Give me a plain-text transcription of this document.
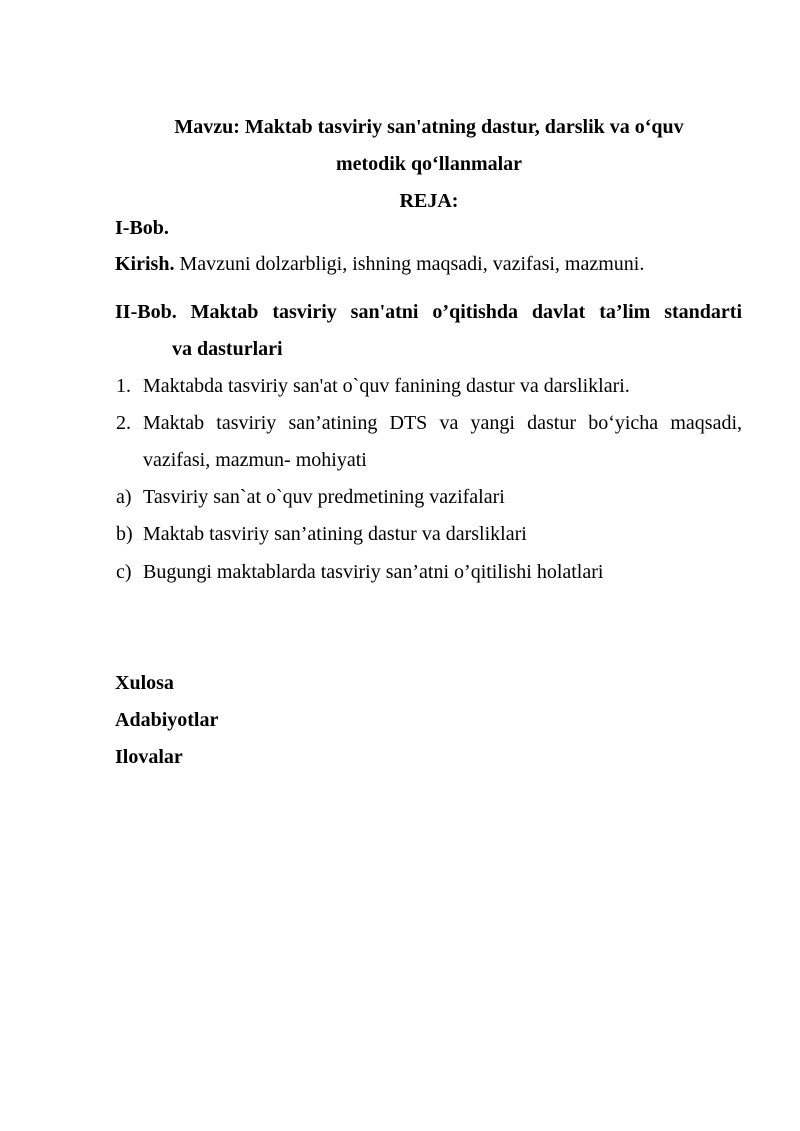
Mavzu: Maktab tasviriy san'atning dastur, darslik va o‘quv
metodik qo‘llanmalar
REJA:
I-Bob.
Kirish. Mavzuni dolzarbligi, ishning maqsadi, vazifasi, mazmuni.
II-Bob. Maktab tasviriy san'atni o’qitishda davlat ta’lim standarti
va dasturlari
1. Maktabda tasviriy san'at o`quv fanining dastur va darsliklari.
2. Maktab tasviriy san’atining DTS va yangi dastur bo‘yicha maqsadi,
vazifasi, mazmun- mohiyati
a) Tasviriy san`at o`quv predmetining vazifalari
b) Maktab tasviriy san’atining dastur va darsliklari
c) Bugungi maktablarda tasviriy san’atni o’qitilishi holatlari
Xulosa
Adabiyotlar
Ilovalar
